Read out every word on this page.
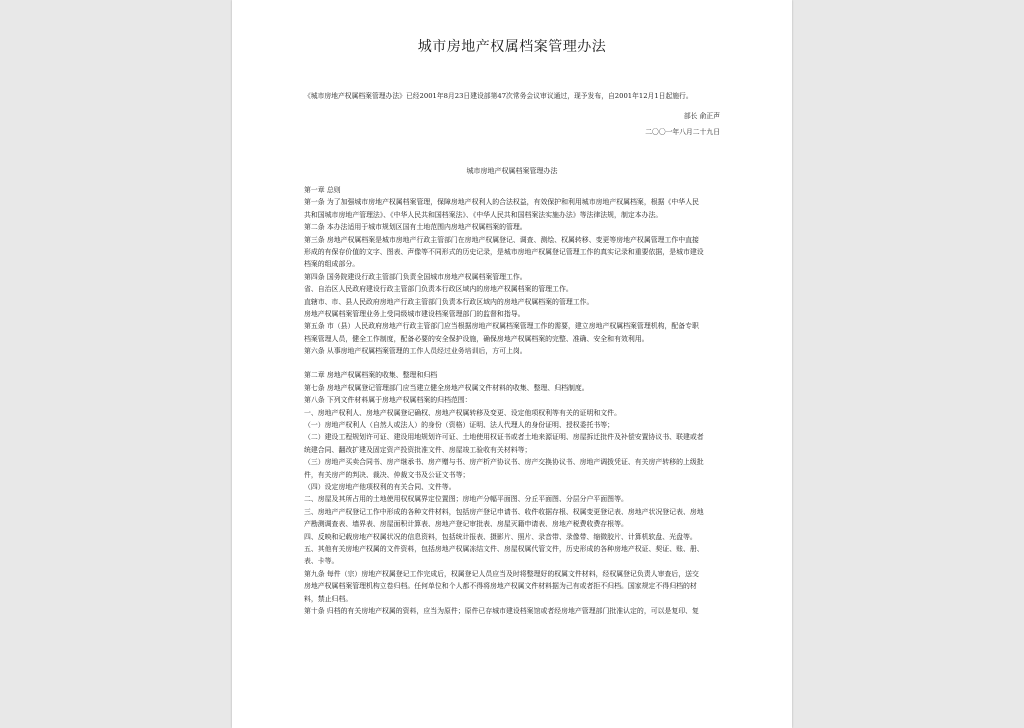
城市房地产权属档案管理办法
《城市房地产权属档案管理办法》已经2001年8月23日建设部第47次常务会议审议通过，现予发布，自2001年12月1日起施行。
部长 俞正声
二〇〇一年八月二十九日
城市房地产权属档案管理办法
第一章 总则
第一条 为了加强城市房地产权属档案管理，保障房地产权利人的合法权益，有效保护和利用城市房地产权属档案，根据《中华人民
共和国城市房地产管理法》、《中华人民共和国档案法》、《中华人民共和国档案法实施办法》等法律法规，制定本办法。
第二条 本办法适用于城市规划区国有土地范围内房地产权属档案的管理。
第三条 房地产权属档案是城市房地产行政主管部门在房地产权属登记、调查、测绘、权属转移、变更等房地产权属管理工作中直接
形成的有保存价值的文字、图表、声像等不同形式的历史记录，是城市房地产权属登记管理工作的真实记录和重要依据，是城市建设
档案的组成部分。
第四条 国务院建设行政主管部门负责全国城市房地产权属档案管理工作。
省、自治区人民政府建设行政主管部门负责本行政区域内的房地产权属档案的管理工作。
直辖市、市、县人民政府房地产行政主管部门负责本行政区域内的房地产权属档案的管理工作。
房地产权属档案管理业务上受同级城市建设档案管理部门的监督和指导。
第五条 市（县）人民政府房地产行政主管部门应当根据房地产权属档案管理工作的需要，建立房地产权属档案管理机构，配备专职
档案管理人员，健全工作制度，配备必要的安全保护设施，确保房地产权属档案的完整、准确、安全和有效利用。
第六条 从事房地产权属档案管理的工作人员经过业务培训后，方可上岗。
第二章 房地产权属档案的收集、整理和归档
第七条 房地产权属登记管理部门应当建立健全房地产权属文件材料的收集、整理、归档制度。
第八条 下列文件材料属于房地产权属档案的归档范围：
一、房地产权利人、房地产权属登记确权、房地产权属转移及变更、设定他项权利等有关的证明和文件。
（一）房地产权利人（自然人或法人）的身份（资格）证明、法人代理人的身份证明、授权委托书等；
（二）建设工程规划许可证、建设用地规划许可证、土地使用权证书或者土地来源证明、房屋拆迁批件及补偿安置协议书、联建或者
统建合同、翻改扩建及固定资产投资批准文件、房屋竣工验收有关材料等；
（三）房地产买卖合同书、房产继承书、房产赠与书、房产析产协议书、房产交换协议书、房地产调拨凭证、有关房产转移的上级批
件，有关房产的判决、裁决、仲裁文书及公证文书等；
（四）设定房地产他项权利的有关合同、文件等。
二、房屋及其所占用的土地使用权权属界定位置图；房地产分幅平面图、分丘平面图、分层分户平面图等。
三、房地产产权登记工作中形成的各种文件材料，包括房产登记申请书、收件收据存根、权属变更登记表、房地产状况登记表、房地
产勘测调查表、墙界表、房屋面积计算表、房地产登记审批表、房屋灭籍申请表、房地产税费收费存根等。
四、反映和记载房地产权属状况的信息资料，包括统计报表、摄影片、照片、录音带、录像带、缩微胶片、计算机软盘、光盘等。
五、其他有关房地产权属的文件资料，包括房地产权属冻结文件、房屋权属代管文件，历史形成的各种房地产权证、契证、账、册、
表、卡等。
第九条 每件（宗）房地产权属登记工作完成后，权属登记人员应当及时将整理好的权属文件材料，经权属登记负责人审查后，送交
房地产权属档案管理机构立卷归档。任何单位和个人都不得将房地产权属文件材料据为己有或者拒不归档。国家规定不得归档的材
料，禁止归档。
第十条 归档的有关房地产权属的资料，应当为原件；原件已存城市建设档案馆或者经房地产管理部门批准认定的，可以是复印、复
